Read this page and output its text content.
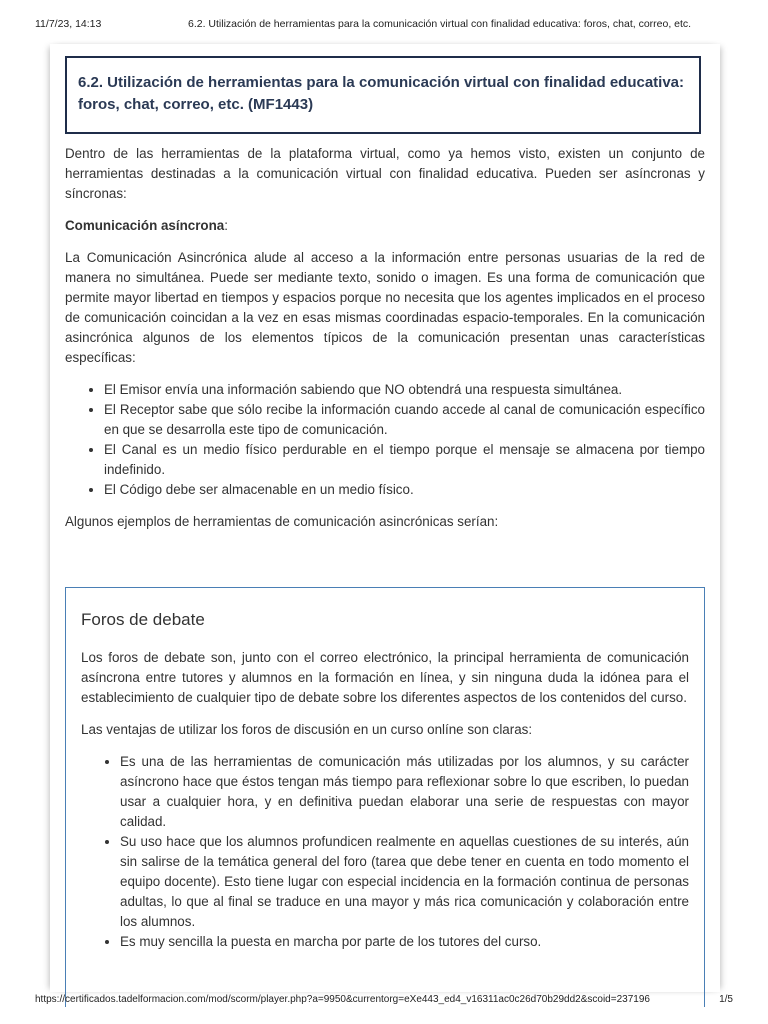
11/7/23, 14:13	6.2. Utilización de herramientas para la comunicación virtual con finalidad educativa: foros, chat, correo, etc.
6.2. Utilización de herramientas para la comunicación virtual con finalidad educativa: foros, chat, correo, etc. (MF1443)

Dentro de las herramientas de la plataforma virtual, como ya hemos visto, existen un conjunto de herramientas destinadas a la comunicación virtual con finalidad educativa. Pueden ser asíncronas y síncronas:

Comunicación asíncrona:

La Comunicación Asincrónica alude al acceso a la información entre personas usuarias de la red de manera no simultánea. Puede ser mediante texto, sonido o imagen. Es una forma de comunicación que permite mayor libertad en tiempos y espacios porque no necesita que los agentes implicados en el proceso de comunicación coincidan a la vez en esas mismas coordinadas espacio-temporales. En la comunicación asincrónica algunos de los elementos típicos de la comunicación presentan unas características específicas:

• El Emisor envía una información sabiendo que NO obtendrá una respuesta simultánea.
• El Receptor sabe que sólo recibe la información cuando accede al canal de comunicación específico en que se desarrolla este tipo de comunicación.
• El Canal es un medio físico perdurable en el tiempo porque el mensaje se almacena por tiempo indefinido.
• El Código debe ser almacenable en un medio físico.

Algunos ejemplos de herramientas de comunicación asincrónicas serían:

Foros de debate

Los foros de debate son, junto con el correo electrónico, la principal herramienta de comunicación asíncrona entre tutores y alumnos en la formación en línea, y sin ninguna duda la idónea para el establecimiento de cualquier tipo de debate sobre los diferentes aspectos de los contenidos del curso.

Las ventajas de utilizar los foros de discusión en un curso onlíne son claras:

• Es una de las herramientas de comunicación más utilizadas por los alumnos, y su carácter asíncrono hace que éstos tengan más tiempo para reflexionar sobre lo que escriben, lo puedan usar a cualquier hora, y en definitiva puedan elaborar una serie de respuestas con mayor calidad.
• Su uso hace que los alumnos profundicen realmente en aquellas cuestiones de su interés, aún sin salirse de la temática general del foro (tarea que debe tener en cuenta en todo momento el equipo docente). Esto tiene lugar con especial incidencia en la formación continua de personas adultas, lo que al final se traduce en una mayor y más rica comunicación y colaboración entre los alumnos.
• Es muy sencilla la puesta en marcha por parte de los tutores del curso.
https://certificados.tadelformacion.com/mod/scorm/player.php?a=9950&currentorg=eXe443_ed4_v16311ac0c26d70b29dd2&scoid=237196	1/5
